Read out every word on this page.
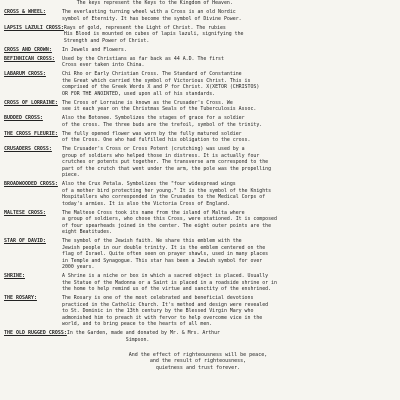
The keys represent the Keys to the Kingdom of Heaven.
CROSS & WHEEL:	The everlasting turning wheel with a Cross is an old Nordic
symbol of Eternity. It has become the symbol of Divine Power.
LAPSIS LAZULI CROSS: Rays of gold, represent the Light of Christ. The rubies
His Blood is mounted on cubes of lapis lazuli, signifying the
Strength and Power of Christ.
CROSS AND CROWN:	In Jewels and Flowers.
BEFINNICAN CROSS:	Used by the Christians as far back as 44 A.D. The first
Cross ever taken into China.
LABARUM CROSS:	Chi Rho or Early Christian Cross. The Standard of Constantine
the Great which carried the symbol of Victorious Christ. This is
comprised of the Greek Words X and P for Christ. X(XETOR (CHRISTOS)
OR FOR THE ANOINTED, used upon all of his standards.
CROSS OF LORRAINE: The Cross of Lorraine is known as the Crusader's Cross. We
see it each year on the Christmas Seals of the Tuberculosis Assoc.
BUDDED CROSS:	Also the Botonee. Symbolizes the stages of grace for a soldier
of the cross. The three buds are the trefoil, symbol of the trinity.
THE CROSS FLEURIE: The fully opened flower was worn by the fully matured soldier
of the Cross. One who had fulfilled his obligation to the cross.
CRUSADERS CROSS:	The Crusader's Cross or Cross Potent (crutching) was used by a
group of soldiers who helped those in distress. It is actually four
crutches or potents put together. The transverse arm correspond to the
part of the crutch that went under the arm, the pole was the propelling
piece.
BROADWOODED CROSS: Also the Crux Petala. Symbolizes the "four widespread wings
of a mother bird protecting her young." It is the symbol of the Knights
Hospitallers who corresponded in the Crusades to the Medical Corps of
today's armies. It is also the Victoria Cross of England.
MALTESE CROSS:	The Maltese Cross took its name from the island of Malta where
a group of soldiers, who chose this Cross, were stationed. It is composed
of four spearheads joined in the center. The eight outer points are the
eight Beatitudes.
STAR OF DAVID:	The symbol of the Jewish faith. We share this emblem with the
Jewish people in our double trinity. It is the emblem centered on the
flag of Israel. Quite often seen on prayer shawls, used in many places
in Temple and Synagogue. This star has been a Jewish symbol for over
2000 years.
SHRINE:	A Shrine is a niche or box in which a sacred object is placed. Usually
the Statue of the Madonna or a Saint is placed in a roadside shrine or in
the home to help remind us of the virtue and sanctity of the enshrined.
THE ROSARY:	The Rosary is one of the most celebrated and beneficial devotions
practiced in the Catholic Church. It's method and design were revealed
to St. Dominic in the 13th century by the Blessed Virgin Mary who
admonished him to preach it with fervor to help overcome vice in the
world, and to bring peace to the hearts of all men.
THE OLD RUGGED CROSS: In the Garden, made and donated by Mr. & Mrs. Arthur
Simpson.
And the effect of righteousness will be peace,
and the result of righteousness,
quietness and trust forever.
